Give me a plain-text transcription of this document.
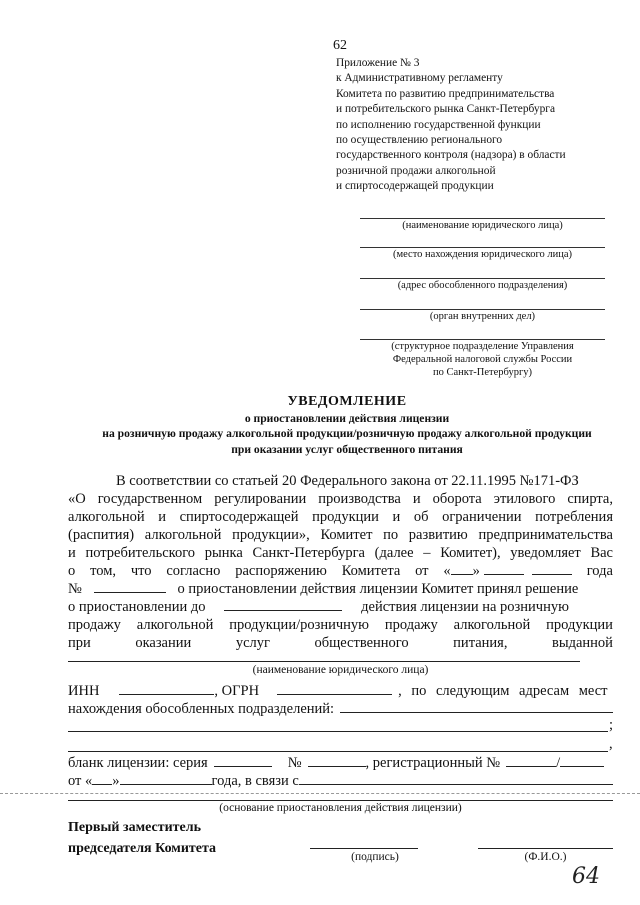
62
Приложение № 3
к Административному регламенту
Комитета по развитию предпринимательства
и потребительского рынка Санкт-Петербурга
по исполнению государственной функции
по осуществлению регионального
государственного контроля (надзора) в области
розничной продажи алкогольной
и спиртосодержащей продукции
(наименование юридического лица)
(место нахождения юридического лица)
(адрес обособленного подразделения)
(орган внутренних дел)
(структурное подразделение Управления
Федеральной налоговой службы России
по Санкт-Петербургу)
УВЕДОМЛЕНИЕ
о приостановлении действия лицензии
на розничную продажу алкогольной продукции/розничную продажу алкогольной продукции
при оказании услуг общественного питания
В соответствии со статьей 20 Федерального закона от 22.11.1995 №171-ФЗ
«О государственном регулировании производства и оборота этилового спирта,
алкогольной и спиртосодержащей продукции и об ограничении потребления
(распития) алкогольной продукции», Комитет по развитию предпринимательства
и потребительского рынка Санкт-Петербурга (далее – Комитет), уведомляет Вас
о том, что согласно распоряжению Комитета от « »	года
№	о приостановлении действия лицензии Комитет принял решение
о приостановлении до	действия лицензии на розничную
продажу алкогольной продукции/розничную продажу алкогольной продукции
при	оказании	услуг	общественного	питания,	выданной
(наименование юридического лица)
ИНН	, ОГРН	, по следующим адресам мест
нахождения обособленных подразделений:
;
,
бланк лицензии: серия	№	, регистрационный №	/
от « »	года, в связи с
(основание приостановления действия лицензии)
Первый заместитель
председателя Комитета
(подпись)	(Ф.И.О.)
64
